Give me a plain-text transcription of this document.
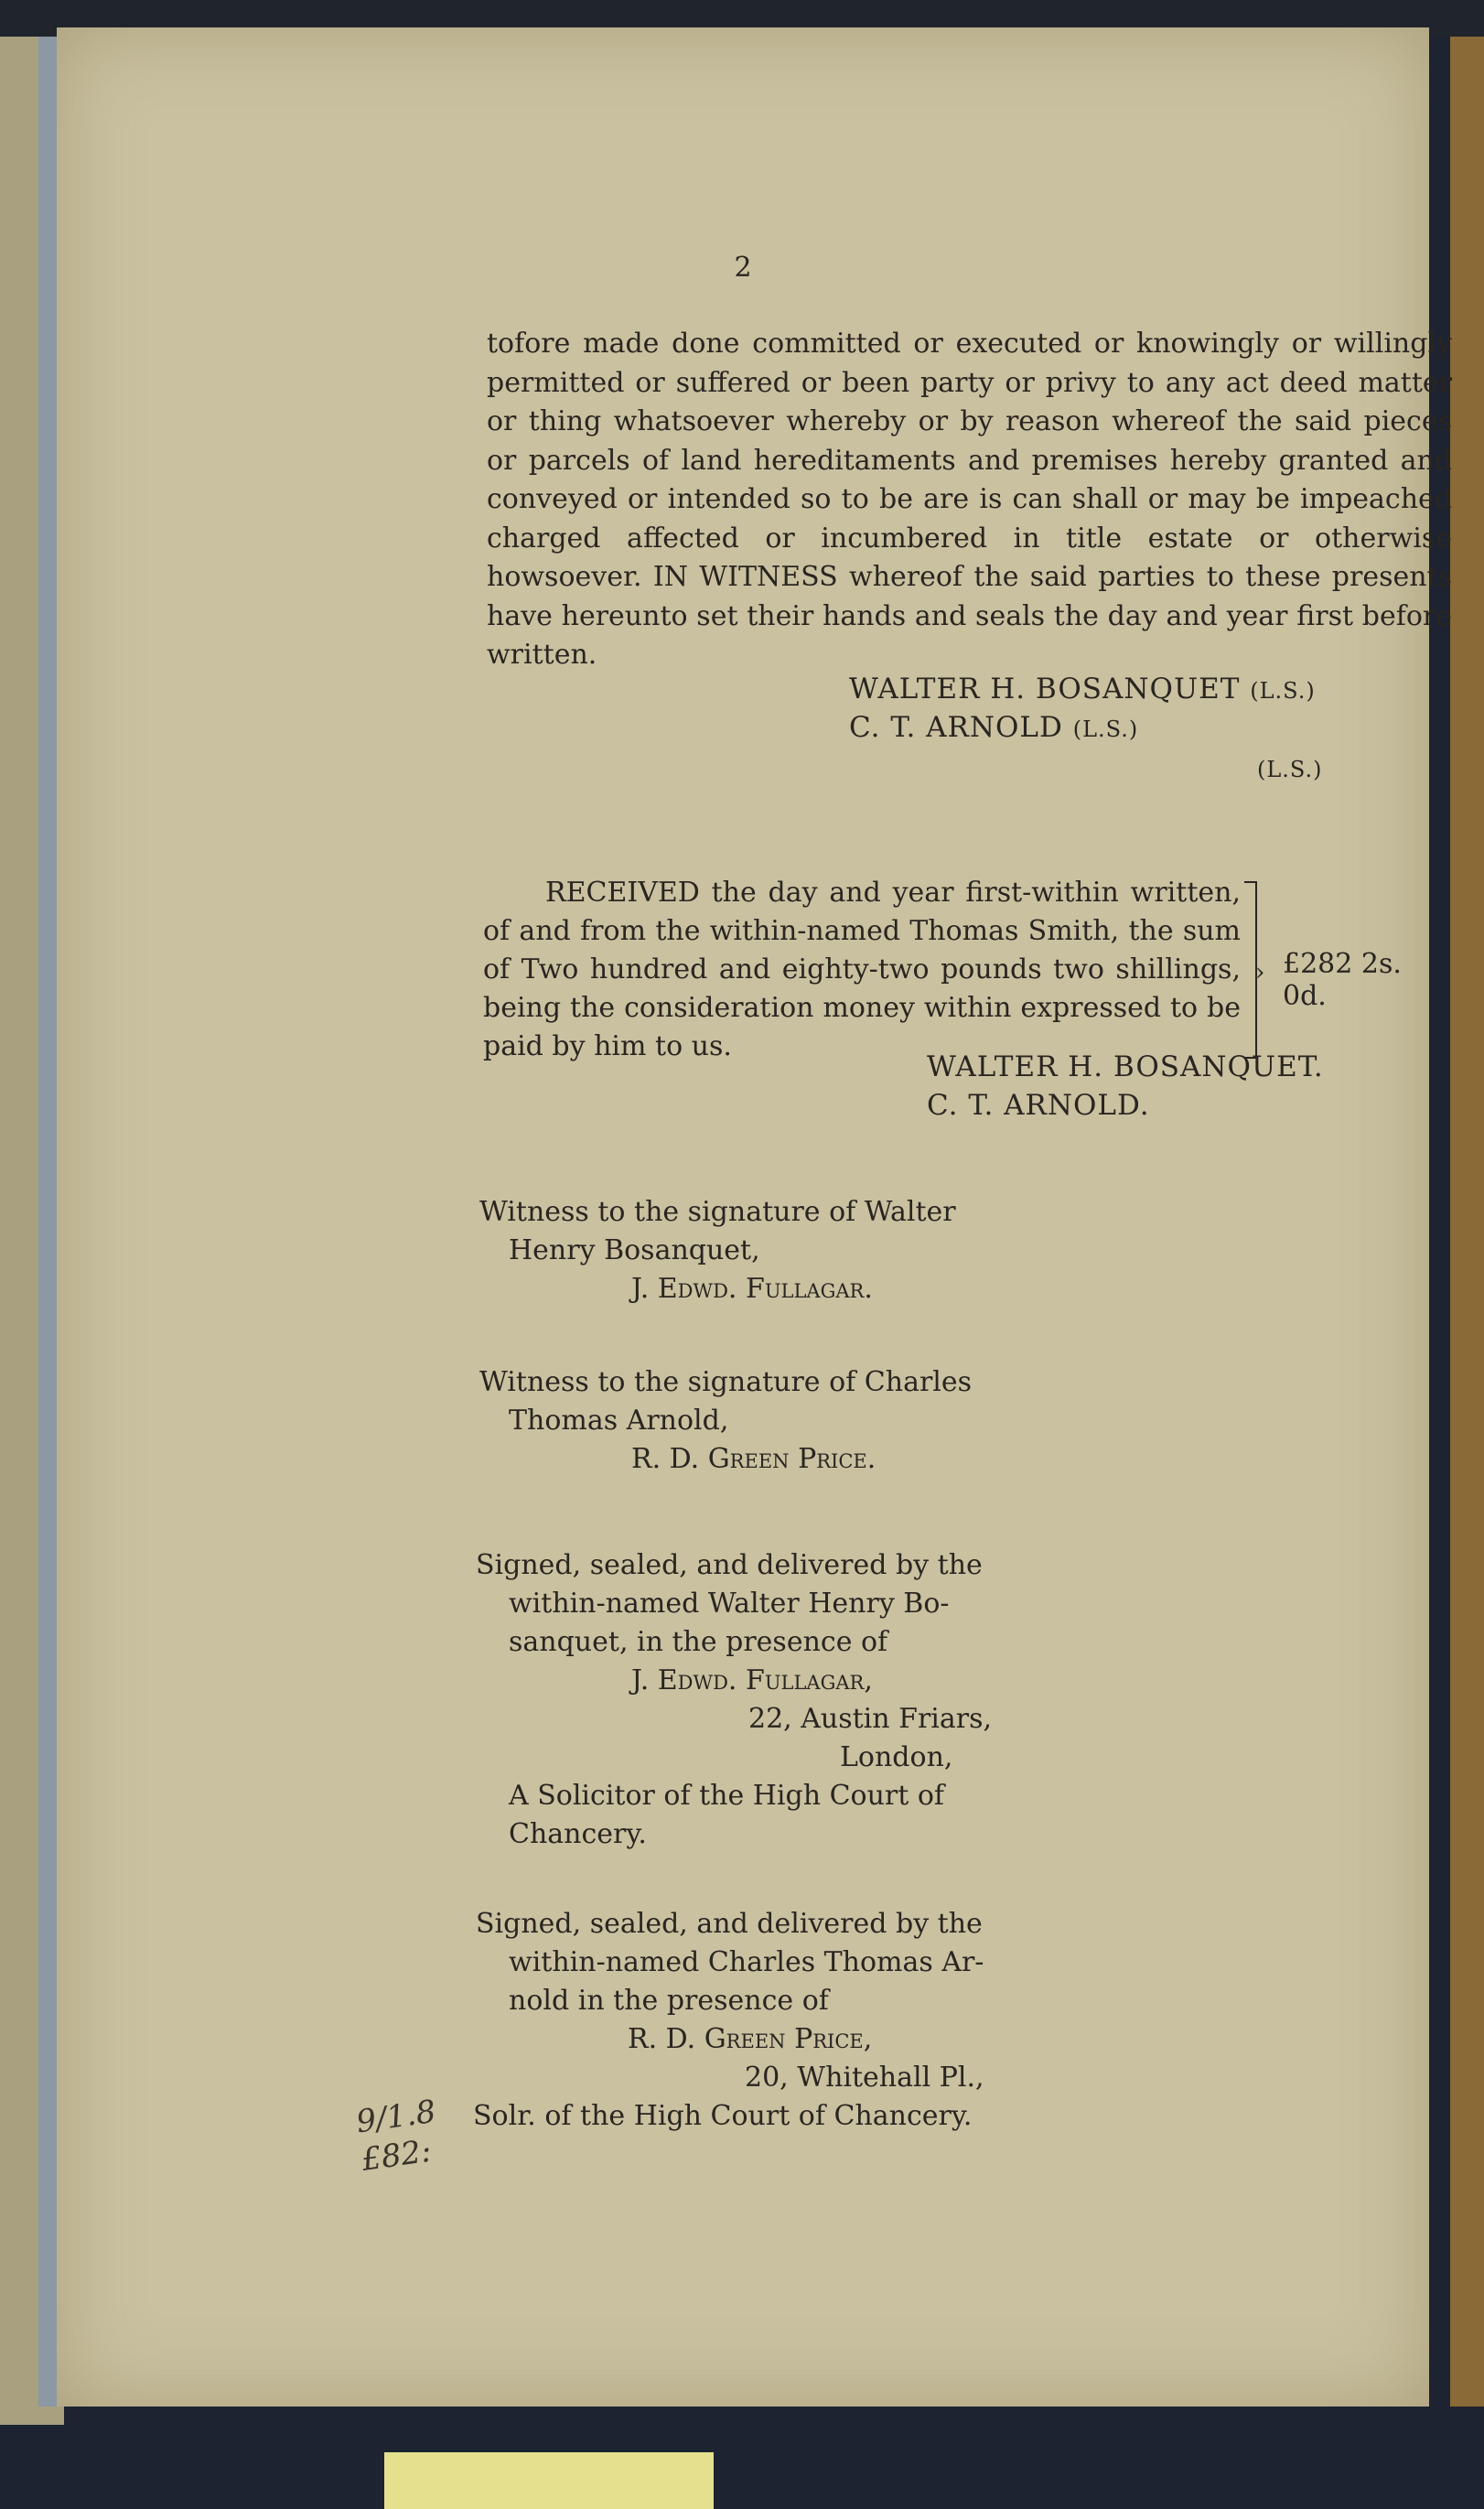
2

tofore made done committed or executed or knowingly or willingly permitted or suffered or been party or privy to any act deed matter or thing whatsoever whereby or by reason whereof the said pieces or parcels of land hereditaments and premises hereby granted and conveyed or intended so to be are is can shall or may be impeached charged affected or incumbered in title estate or otherwise howsoever. IN WITNESS whereof the said parties to these presents have hereunto set their hands and seals the day and year first before written.

WALTER H. BOSANQUET (L.S.)
C. T. ARNOLD (L.S.)
(L.S.)

RECEIVED the day and year first-within written, of and from the within-named Thomas Smith, the sum of Two hundred and eighty-two pounds two shillings, being the consideration money within expressed to be paid by him to us.

› £282 2s. 0d.
WALTER H. BOSANQUET.
C. T. ARNOLD.
Witness to the signature of Walter
Henry Bosanquet,
J. Edwd. Fullagar.
Witness to the signature of Charles
Thomas Arnold,
R. D. Green Price.
Signed, sealed, and delivered by the
within-named Walter Henry Bo-
sanquet, in the presence of
J. Edwd. Fullagar,
22, Austin Friars,
London,
A Solicitor of the High Court of
Chancery.
Signed, sealed, and delivered by the
within-named Charles Thomas Ar-
nold in the presence of
R. D. Green Price,
20, Whitehall Pl.,
Solr. of the High Court of Chancery.
9/1.8 £82:
